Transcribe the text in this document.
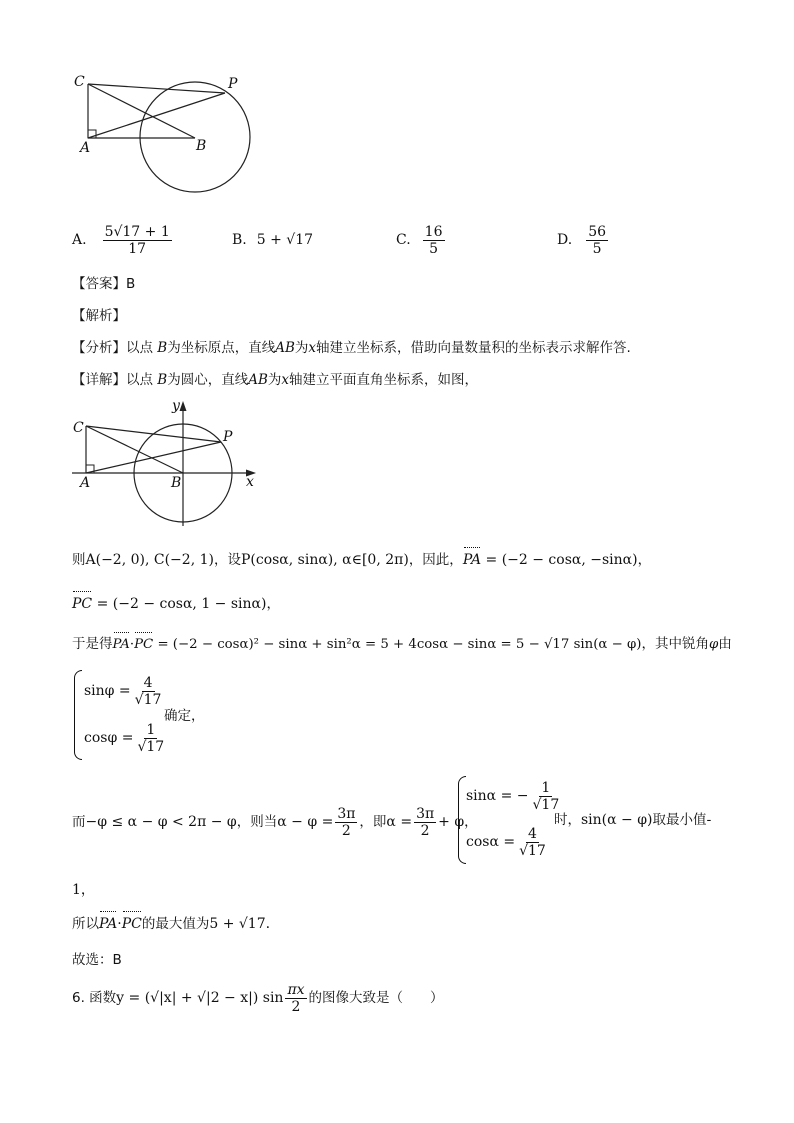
C	P
A	B
A. $\frac{5√17 + 1}{17}$	B. 5 + √17	C. $\frac{16}{5}$	D. $\frac{56}{5}$
【答案】B
【解析】
【分析】以点 B为坐标原点，直线AB为x轴建立坐标系，借助向量数量积的坐标表示求解作答.
【详解】以点 B为圆心，直线AB为x轴建立平面直角坐标系，如图，
y
C
P
A	B	x
则A(−2, 0), C(−2, 1)，设P(cosα, sinα), α∈[0, 2π)，因此，PA = (−2 − cosα, −sinα)，
PC = (−2 − cosα, 1 − sinα)，
于是得PA·PC = (−2 − cosα)² − sinα + sin²α = 5 + 4cosα − sinα = 5 − √17 sin(α − φ)，其中锐角φ由
$\sin\varphi = \frac{4}{√17}$
确定，
$\cos\varphi = \frac{1}{√17}$
而 −φ ≤ α − φ < 2π − φ ，则当 $\alpha - \varphi = \frac{3\pi}{2}$ ，即 $\alpha = \frac{3\pi}{2} + \varphi$ ，
sinα = − $\frac{1}{√17}$
$\cos\alpha = \frac{4}{√17}$
时，sin(α − φ)取最小值-
1，
所以PA·PC的最大值为5 + √17.
故选：B
6. 函数 y = (√|x| + √|2 − x|) $\sin \frac{\pi x}{2}$ 的图像大致是（　　）
